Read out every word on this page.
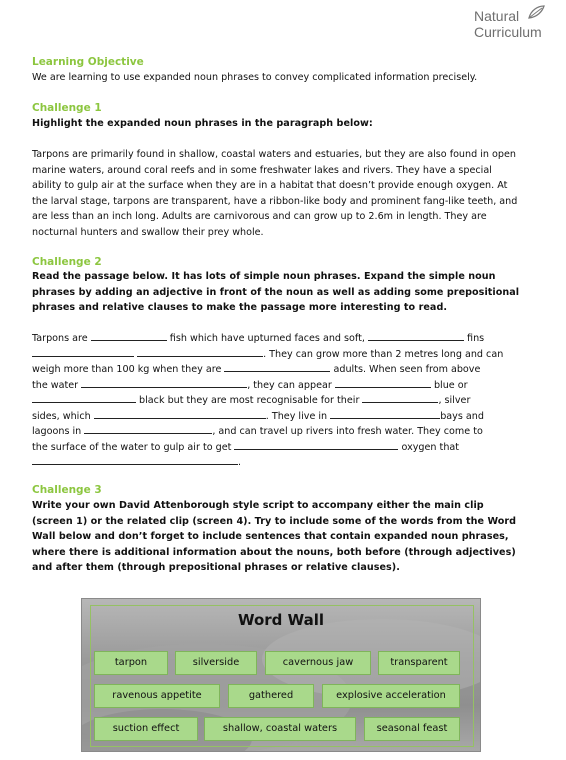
Natural
Curriculum
Learning Objective
We are learning to use expanded noun phrases to convey complicated information precisely.
Challenge 1
Highlight the expanded noun phrases in the paragraph below:
Tarpons are primarily found in shallow, coastal waters and estuaries, but they are also found in open marine waters, around coral reefs and in some freshwater lakes and rivers. They have a special ability to gulp air at the surface when they are in a habitat that doesn’t provide enough oxygen. At the larval stage, tarpons are transparent, have a ribbon-like body and prominent fang-like teeth, and are less than an inch long. Adults are carnivorous and can grow up to 2.6m in length. They are nocturnal hunters and swallow their prey whole.
Challenge 2
Read the passage below. It has lots of simple noun phrases. Expand the simple noun phrases by adding an adjective in front of the noun as well as adding some prepositional phrases and relative clauses to make the passage more interesting to read.
Tarpons are	fish which have upturned faces and soft,	fins
. They can grow more than 2 metres long and can
weigh more than 100 kg when they are	adults. When seen from above
the water	, they can appear	blue or
black but they are most recognisable for their	, silver
sides, which	. They live in	bays and
lagoons in	, and can travel up rivers into fresh water. They come to
the surface of the water to gulp air to get	oxygen that
.
Challenge 3
Write your own David Attenborough style script to accompany either the main clip (screen 1) or the related clip (screen 4). Try to include some of the words from the Word Wall below and don’t forget to include sentences that contain expanded noun phrases, where there is additional information about the nouns, both before (through adjectives) and after them (through prepositional phrases or relative clauses).
Word Wall
tarpon	silverside	cavernous jaw	transparent
ravenous appetite	gathered	explosive acceleration
suction effect	shallow, coastal waters	seasonal feast
